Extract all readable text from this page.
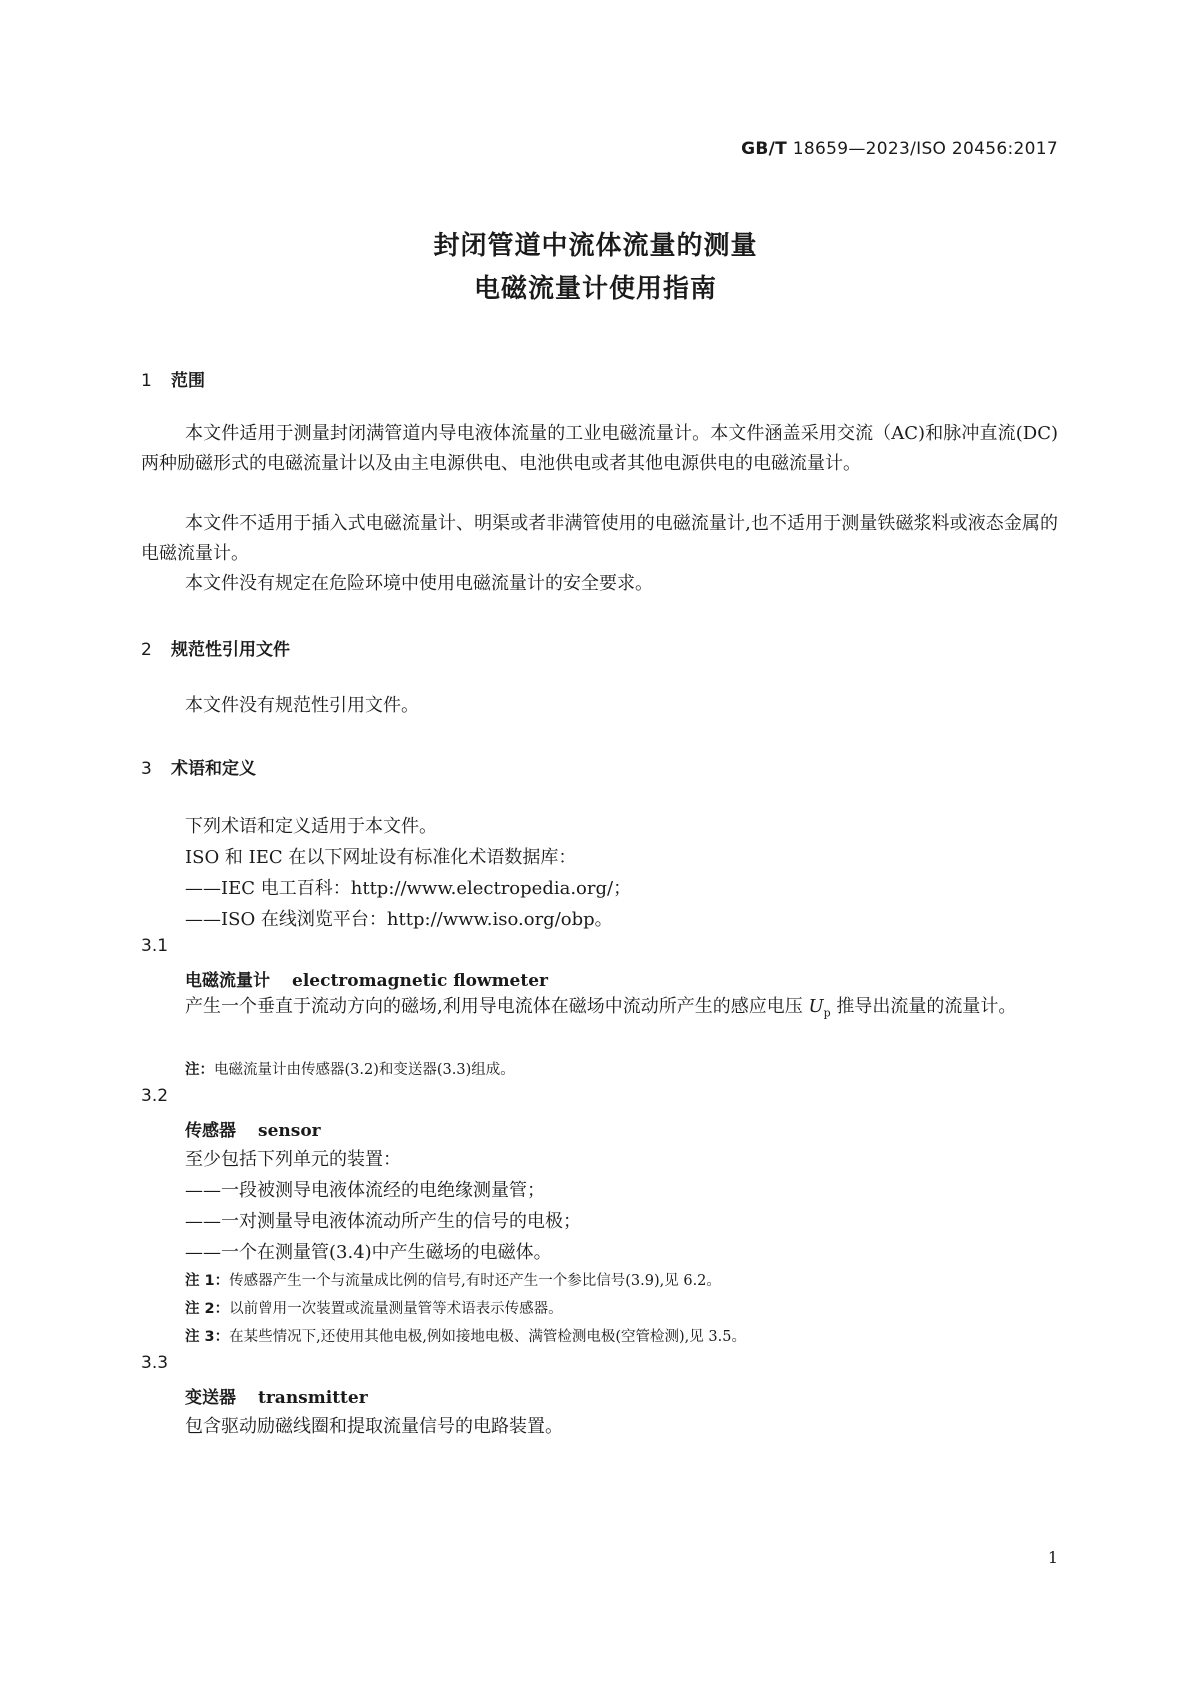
GB/T 18659—2023/ISO 20456:2017
封闭管道中流体流量的测量
电磁流量计使用指南
1 范围
本文件适用于测量封闭满管道内导电液体流量的工业电磁流量计。本文件涵盖采用交流（AC)和脉冲直流(DC)两种励磁形式的电磁流量计以及由主电源供电、电池供电或者其他电源供电的电磁流量计。
本文件不适用于插入式电磁流量计、明渠或者非满管使用的电磁流量计,也不适用于测量铁磁浆料或液态金属的电磁流量计。
本文件没有规定在危险环境中使用电磁流量计的安全要求。
2 规范性引用文件
本文件没有规范性引用文件。
3 术语和定义
下列术语和定义适用于本文件。
ISO 和 IEC 在以下网址设有标准化术语数据库：
——IEC 电工百科：http://www.electropedia.org/；
——ISO 在线浏览平台：http://www.iso.org/obp。
3.1
电磁流量计 electromagnetic flowmeter
产生一个垂直于流动方向的磁场,利用导电流体在磁场中流动所产生的感应电压 $U_p$ 推导出流量的流量计。
注：电磁流量计由传感器(3.2)和变送器(3.3)组成。
3.2
传感器 sensor
至少包括下列单元的装置：
——一段被测导电液体流经的电绝缘测量管；
——一对测量导电液体流动所产生的信号的电极；
——一个在测量管(3.4)中产生磁场的电磁体。
注 1：传感器产生一个与流量成比例的信号,有时还产生一个参比信号(3.9),见 6.2。
注 2：以前曾用一次装置或流量测量管等术语表示传感器。
注 3：在某些情况下,还使用其他电极,例如接地电极、满管检测电极(空管检测),见 3.5。
3.3
变送器 transmitter
包含驱动励磁线圈和提取流量信号的电路装置。
1
